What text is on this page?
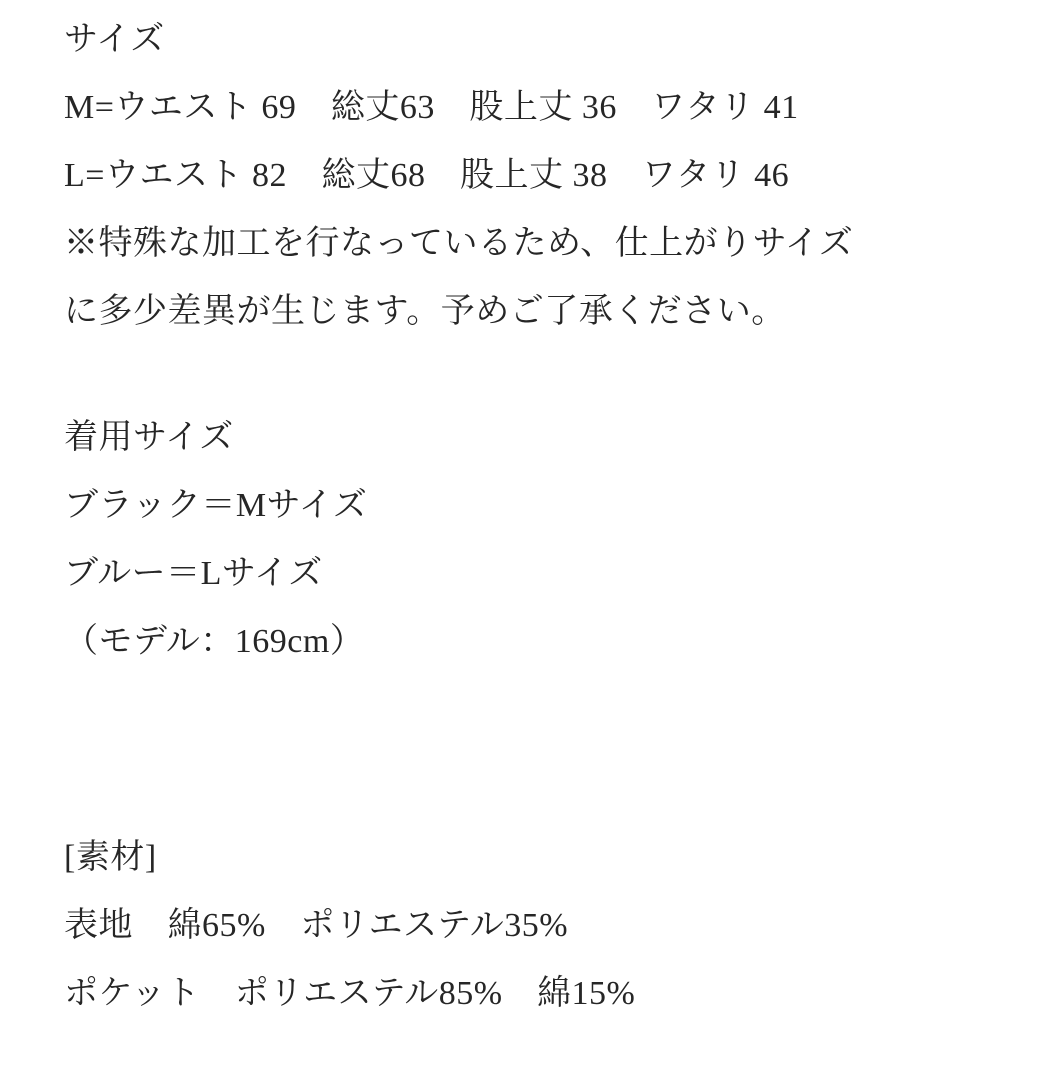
サイズ
M=ウエスト 69　総丈63　股上丈 36　ワタリ 41
L=ウエスト 82　総丈68　股上丈 38　ワタリ 46
※特殊な加工を行なっているため、仕上がりサイズ
に多少差異が生じます。予めご了承ください。
着用サイズ
ブラック＝Mサイズ
ブルー＝Lサイズ
（モデル：169cm）
[素材]
表地　綿65%　ポリエステル35%
ポケット　ポリエステル85%　綿15%
